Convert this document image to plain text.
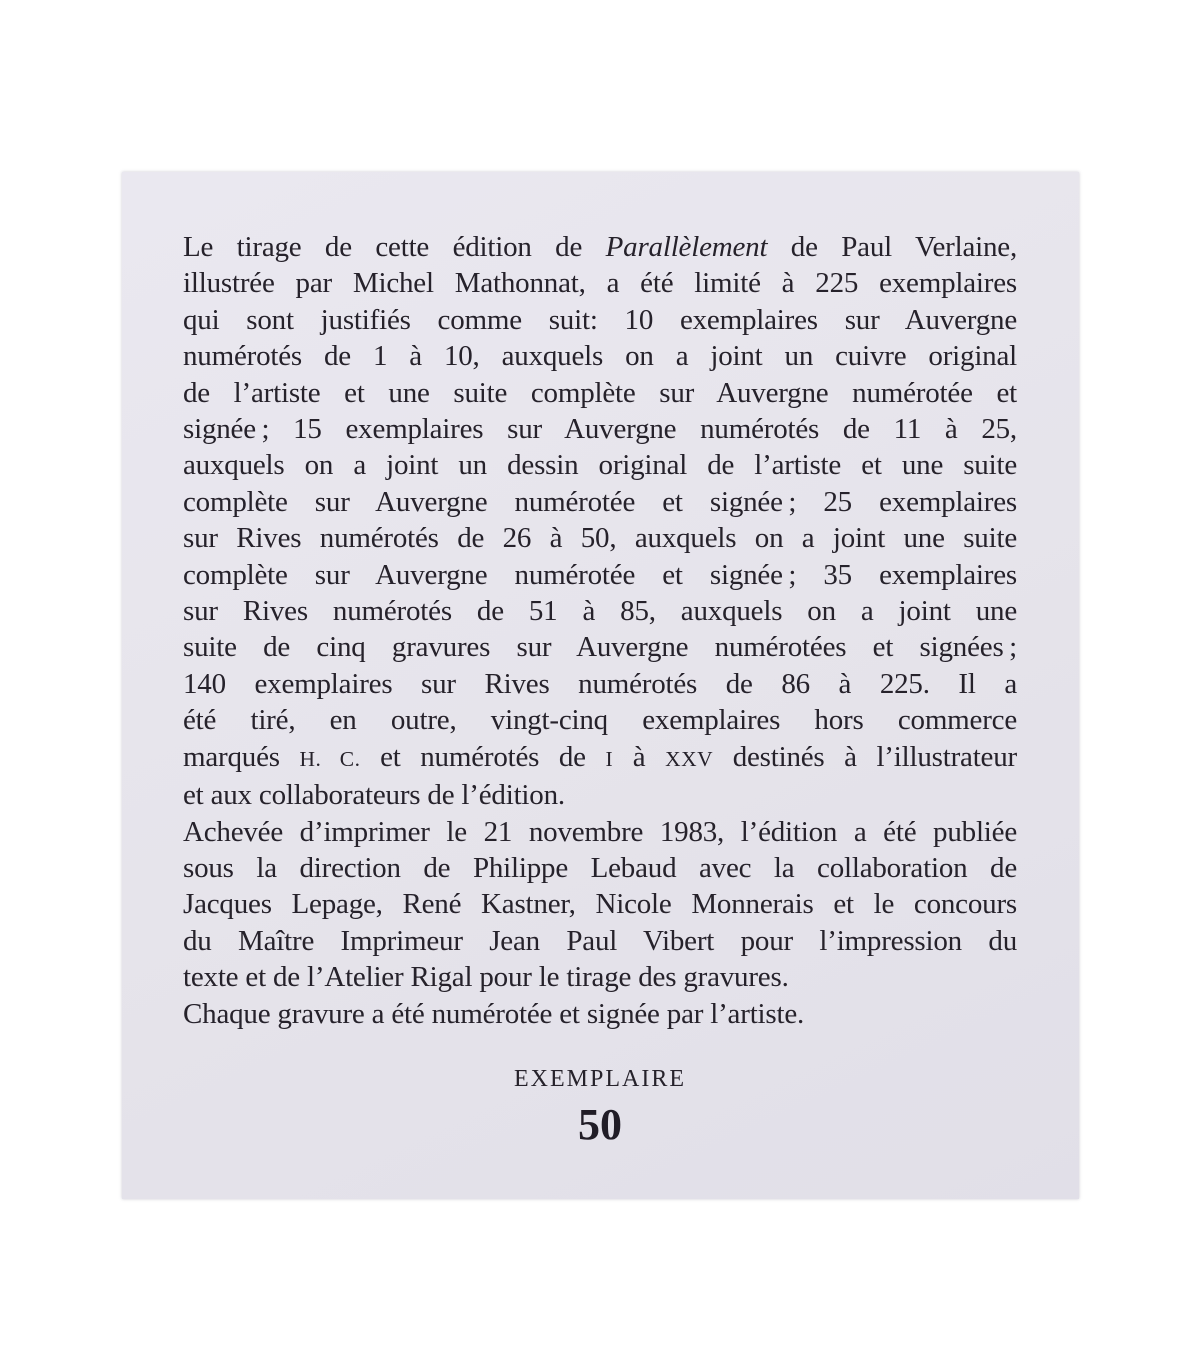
Le tirage de cette édition de Parallèlement de Paul Verlaine,

illustrée par Michel Mathonnat, a été limité à 225 exemplaires

qui sont justifiés comme suit: 10 exemplaires sur Auvergne

numérotés de 1 à 10, auxquels on a joint un cuivre original

de l’artiste et une suite complète sur Auvergne numérotée et

signée ; 15 exemplaires sur Auvergne numérotés de 11 à 25,

auxquels on a joint un dessin original de l’artiste et une suite

complète sur Auvergne numérotée et signée ; 25 exemplaires

sur Rives numérotés de 26 à 50, auxquels on a joint une suite

complète sur Auvergne numérotée et signée ; 35 exemplaires

sur Rives numérotés de 51 à 85, auxquels on a joint une

suite de cinq gravures sur Auvergne numérotées et signées ;

140 exemplaires sur Rives numérotés de 86 à 225. Il a

été tiré, en outre, vingt-cinq exemplaires hors commerce

marqués H. C. et numérotés de I à XXV destinés à l’illustrateur

et aux collaborateurs de l’édition.

Achevée d’imprimer le 21 novembre 1983, l’édition a été publiée

sous la direction de Philippe Lebaud avec la collaboration de

Jacques Lepage, René Kastner, Nicole Monnerais et le concours

du Maître Imprimeur Jean Paul Vibert pour l’impression du

texte et de l’Atelier Rigal pour le tirage des gravures.

Chaque gravure a été numérotée et signée par l’artiste.

EXEMPLAIRE
50
